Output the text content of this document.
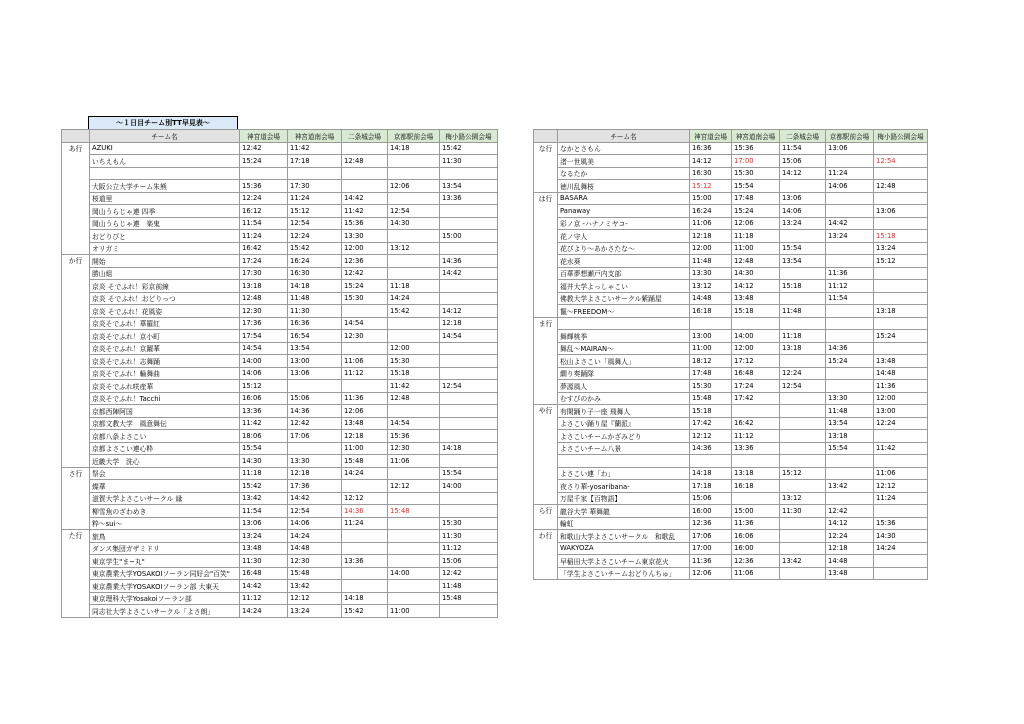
～１日目チーム別TT早見表～
	チーム名	神宮道会場	神宮道南会場	二条城会場	京都駅前会場	梅小路公園会場
あ行	AZUKI	12:42	11:42		14:18	15:42
	いちえもん	15:24	17:18	12:48		11:30

	大阪公立大学チーム朱熊	15:36	17:30		12:06	13:54
	桜道里	12:24	11:24	14:42		13:36
	岡山うらじゃ連 四季	16:12	15:12	11:42	12:54	
	岡山うらじゃ連　楽鬼	11:54	12:54	15:36	14:30	
	おどりびと	11:24	12:24	13:30		15:00
	オリガミ	16:42	15:42	12:00	13:12	
か行	開始	17:24	16:24	12:36		14:36
	勝山組	17:30	16:30	12:42		14:42
	京炎 そでふれ！彩京前線	13:18	14:18	15:24	11:18	
	京炎 そでふれ！おどりっつ	12:48	11:48	15:30	14:24	
	京炎 そでふれ！花風姿	12:30	11:30		15:42	14:12
	京炎そでふれ！華羅紅	17:36	16:36	14:54		12:18
	京炎そでふれ！京小町	17:54	16:54	12:30		14:54
	京炎そでふれ！京躍華	14:54	13:54		12:00	
	京炎そでふれ！志舞踊	14:00	13:00	11:06	15:30	
	京炎そでふれ！輪舞曲	14:06	13:06	11:12	15:18	
	京炎そでふれ咲産華	15:12			11:42	12:54
	京炎そでふれ！Tacchi	16:06	15:06	11:36	12:48	
	京都西陣阿国	13:36	14:36	12:06		
	京都文教大学　風意舞伝	11:42	12:42	13:48	14:54	
	京都八条よさこい	18:06	17:06	12:18	15:36	
	京都よさこい連心粋	15:54		11:00	12:30	14:18
	近畿大学　洗心	14:30	13:30	15:48	11:06	
さ行	祭会	11:18	12:18	14:24		15:54
	燦華	15:42	17:36		12:12	14:00
	滋賀大学よさこいサークル 縁	13:42	14:42	12:12		
	柳雪魚のざわめき	11:54	12:54	14:36	15:48	
	粋～sui～	13:06	14:06	11:24		15:30
た行	旅鳥	13:24	14:24			11:30
	ダンス集団ガザミドリ	13:48	14:48			11:12
	東京学生"ま~丸"	11:30	12:30	13:36		15:06
	東京農業大学YOSAKOIソーラン同好会"百笑"	16:48	15:48		14:00	12:42
	東京農業大学YOSAKOIソーラン部 大東天	14:42	13:42			11:48
	東京理科大学Yosakoiソーラン部	11:12	12:12	14:18		15:48
	同志社大学よさこいサークル「よさ朗」	14:24	13:24	15:42	11:00	
	チーム名	神宮道会場	神宮道南会場	二条城会場	京都駅前会場	梅小路公園会場
な行	なかとさもん	16:36	15:36	11:54	13:06	
	渚一世風美	14:12	17:00	15:06		12:54
	なるたか	16:30	15:30	14:12	11:24	
	徳川乱舞桜	15:12	15:54		14:06	12:48
は行	BASARA	15:00	17:48	13:06		
	Panaway	16:24	15:24	14:06		13:06
	彩ノ京 -ハナノミヤコ-	11:06	12:06	13:24	14:42	
	花ノ守人	12:18	11:18		13:24	15:18
	花びより～あかさたな～	12:00	11:00	15:54		13:24
	花水葵	11:48	12:48	13:54		15:12
	百華夢想瀬戸内支部	13:30	14:30		11:36	
	福井大学よっしゃこい	13:12	14:12	15:18	11:12	
	佛教大学よさこいサークル紫踊屋	14:48	13:48		11:54	
	鬣～FREEDOM～	16:18	15:18	11:48		13:18
ま行						
	舞輝桃季	13:00	14:00	11:18		15:24
	舞乱～MAIRAN～	11:00	12:00	13:18	14:36	
	松山よさこい「風舞人」	18:12	17:12		15:24	13:48
	繝り奏踊隊	17:48	16:48	12:24		14:48
	夢源風人	15:30	17:24	12:54		11:36
	むすびのかみ	15:48	17:42		13:30	12:00
や行	有閑踊り子一座 飛舞人	15:18			11:48	13:00
	よさこい踊り屋『蘭派』	17:42	16:42		13:54	12:24
	よさこいチームかざみどり	12:12	11:12		13:18	
	よさこいチーム八景	14:36	13:36		15:54	11:42

	よさこい連「わ」	14:18	13:18	15:12		11:06
	夜さり華-yosaribana-	17:18	16:18		13:42	12:12
	万屋千家【百物語】	15:06		13:12		11:24
ら行	龍谷大学 華舞龍	16:00	15:00	11:30	12:42	
	輪虹	12:36	11:36		14:12	15:36
わ行	和歌山大学よさこいサークル　和歌乱	17:06	16:06		12:24	14:30
	WAKYOZA	17:00	16:00		12:18	14:24
	早稲田大学よさこいチーム東京花火	11:36	12:36	13:42	14:48	
	「学生よさこいチームおどりんちゅ」	12:06	11:06		13:48	
